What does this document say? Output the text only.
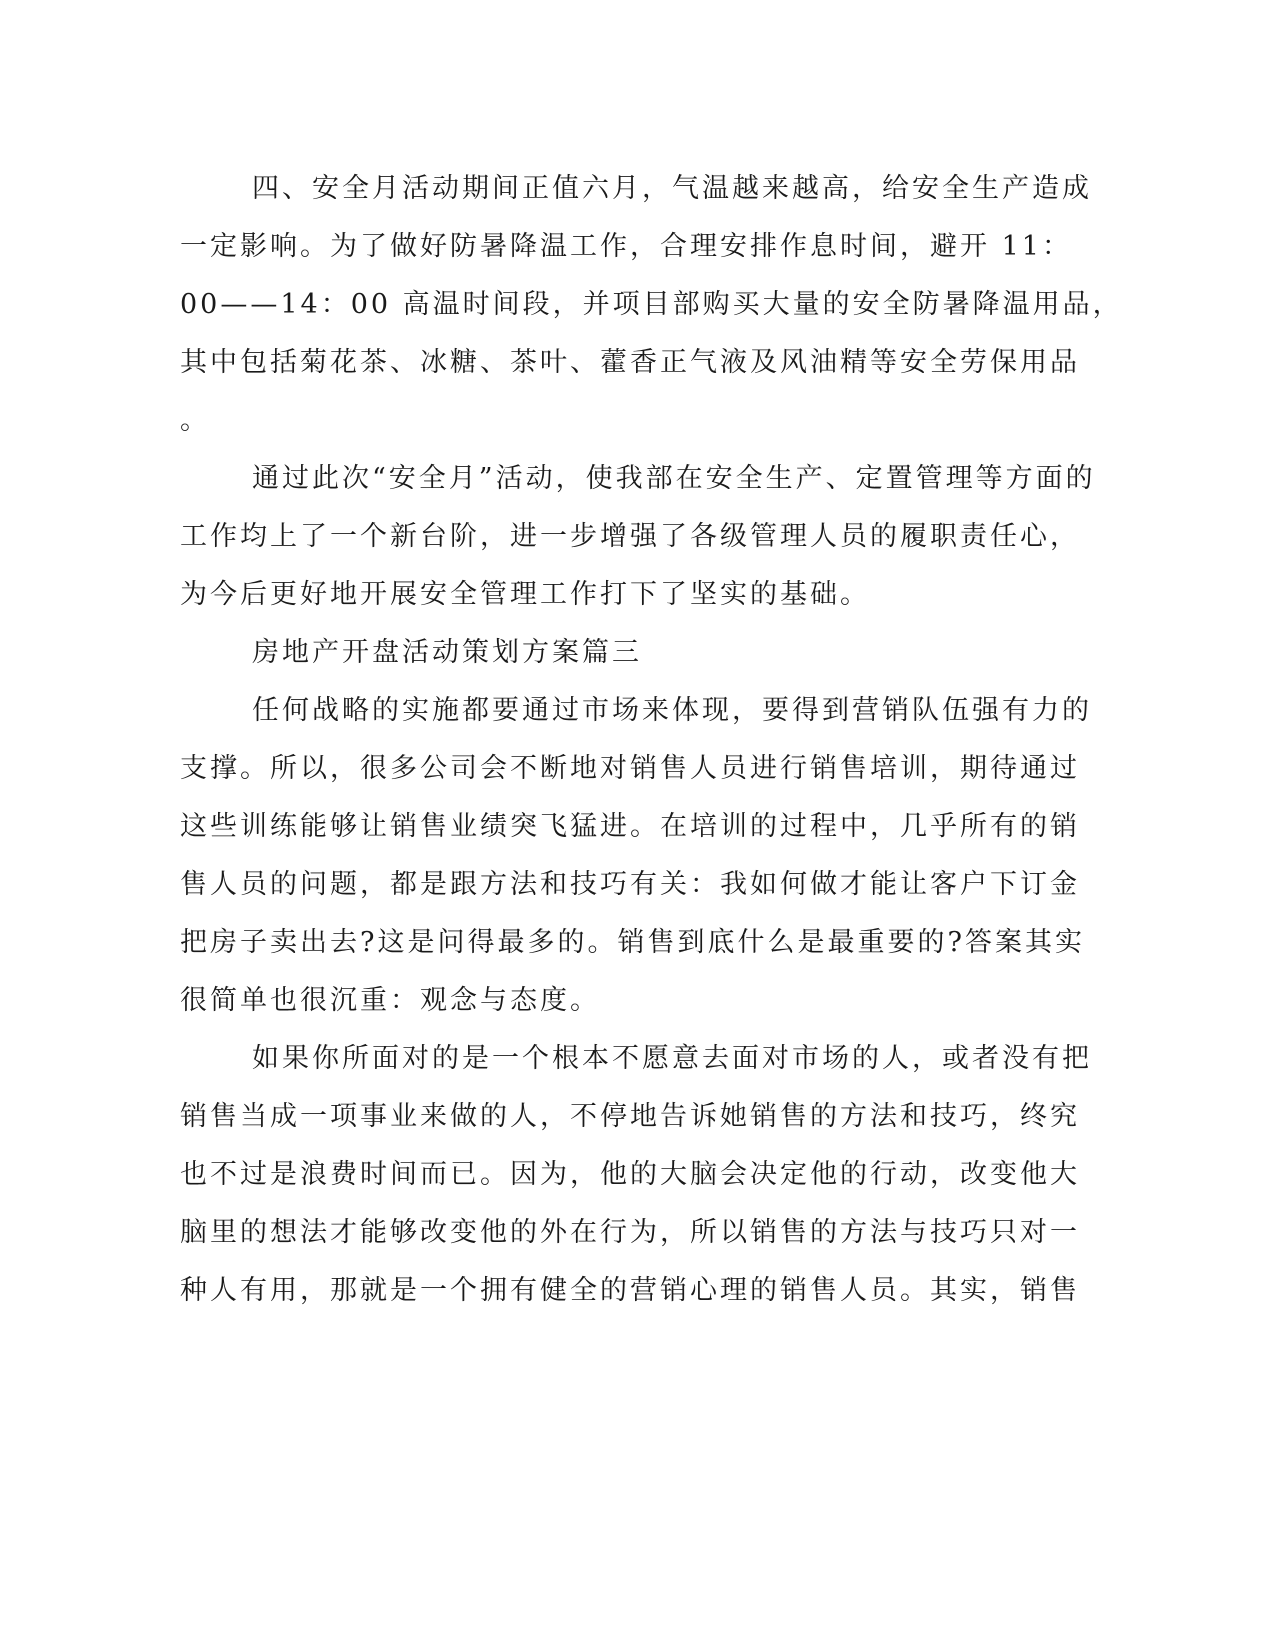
四、安全月活动期间正值六月，气温越来越高，给安全生产造成
一定影响。为了做好防暑降温工作，合理安排作息时间，避开 11：
00——14：00 高温时间段，并项目部购买大量的安全防暑降温用品，
其中包括菊花茶、冰糖、茶叶、藿香正气液及风油精等安全劳保用品
。

通过此次“安全月”活动，使我部在安全生产、定置管理等方面的
工作均上了一个新台阶，进一步增强了各级管理人员的履职责任心，
为今后更好地开展安全管理工作打下了坚实的基础。

房地产开盘活动策划方案篇三

任何战略的实施都要通过市场来体现，要得到营销队伍强有力的
支撑。所以，很多公司会不断地对销售人员进行销售培训，期待通过
这些训练能够让销售业绩突飞猛进。在培训的过程中，几乎所有的销
售人员的问题，都是跟方法和技巧有关：我如何做才能让客户下订金
把房子卖出去?这是问得最多的。销售到底什么是最重要的?答案其实
很简单也很沉重：观念与态度。

如果你所面对的是一个根本不愿意去面对市场的人，或者没有把
销售当成一项事业来做的人，不停地告诉她销售的方法和技巧，终究
也不过是浪费时间而已。因为，他的大脑会决定他的行动，改变他大
脑里的想法才能够改变他的外在行为，所以销售的方法与技巧只对一
种人有用，那就是一个拥有健全的营销心理的销售人员。其实，销售
